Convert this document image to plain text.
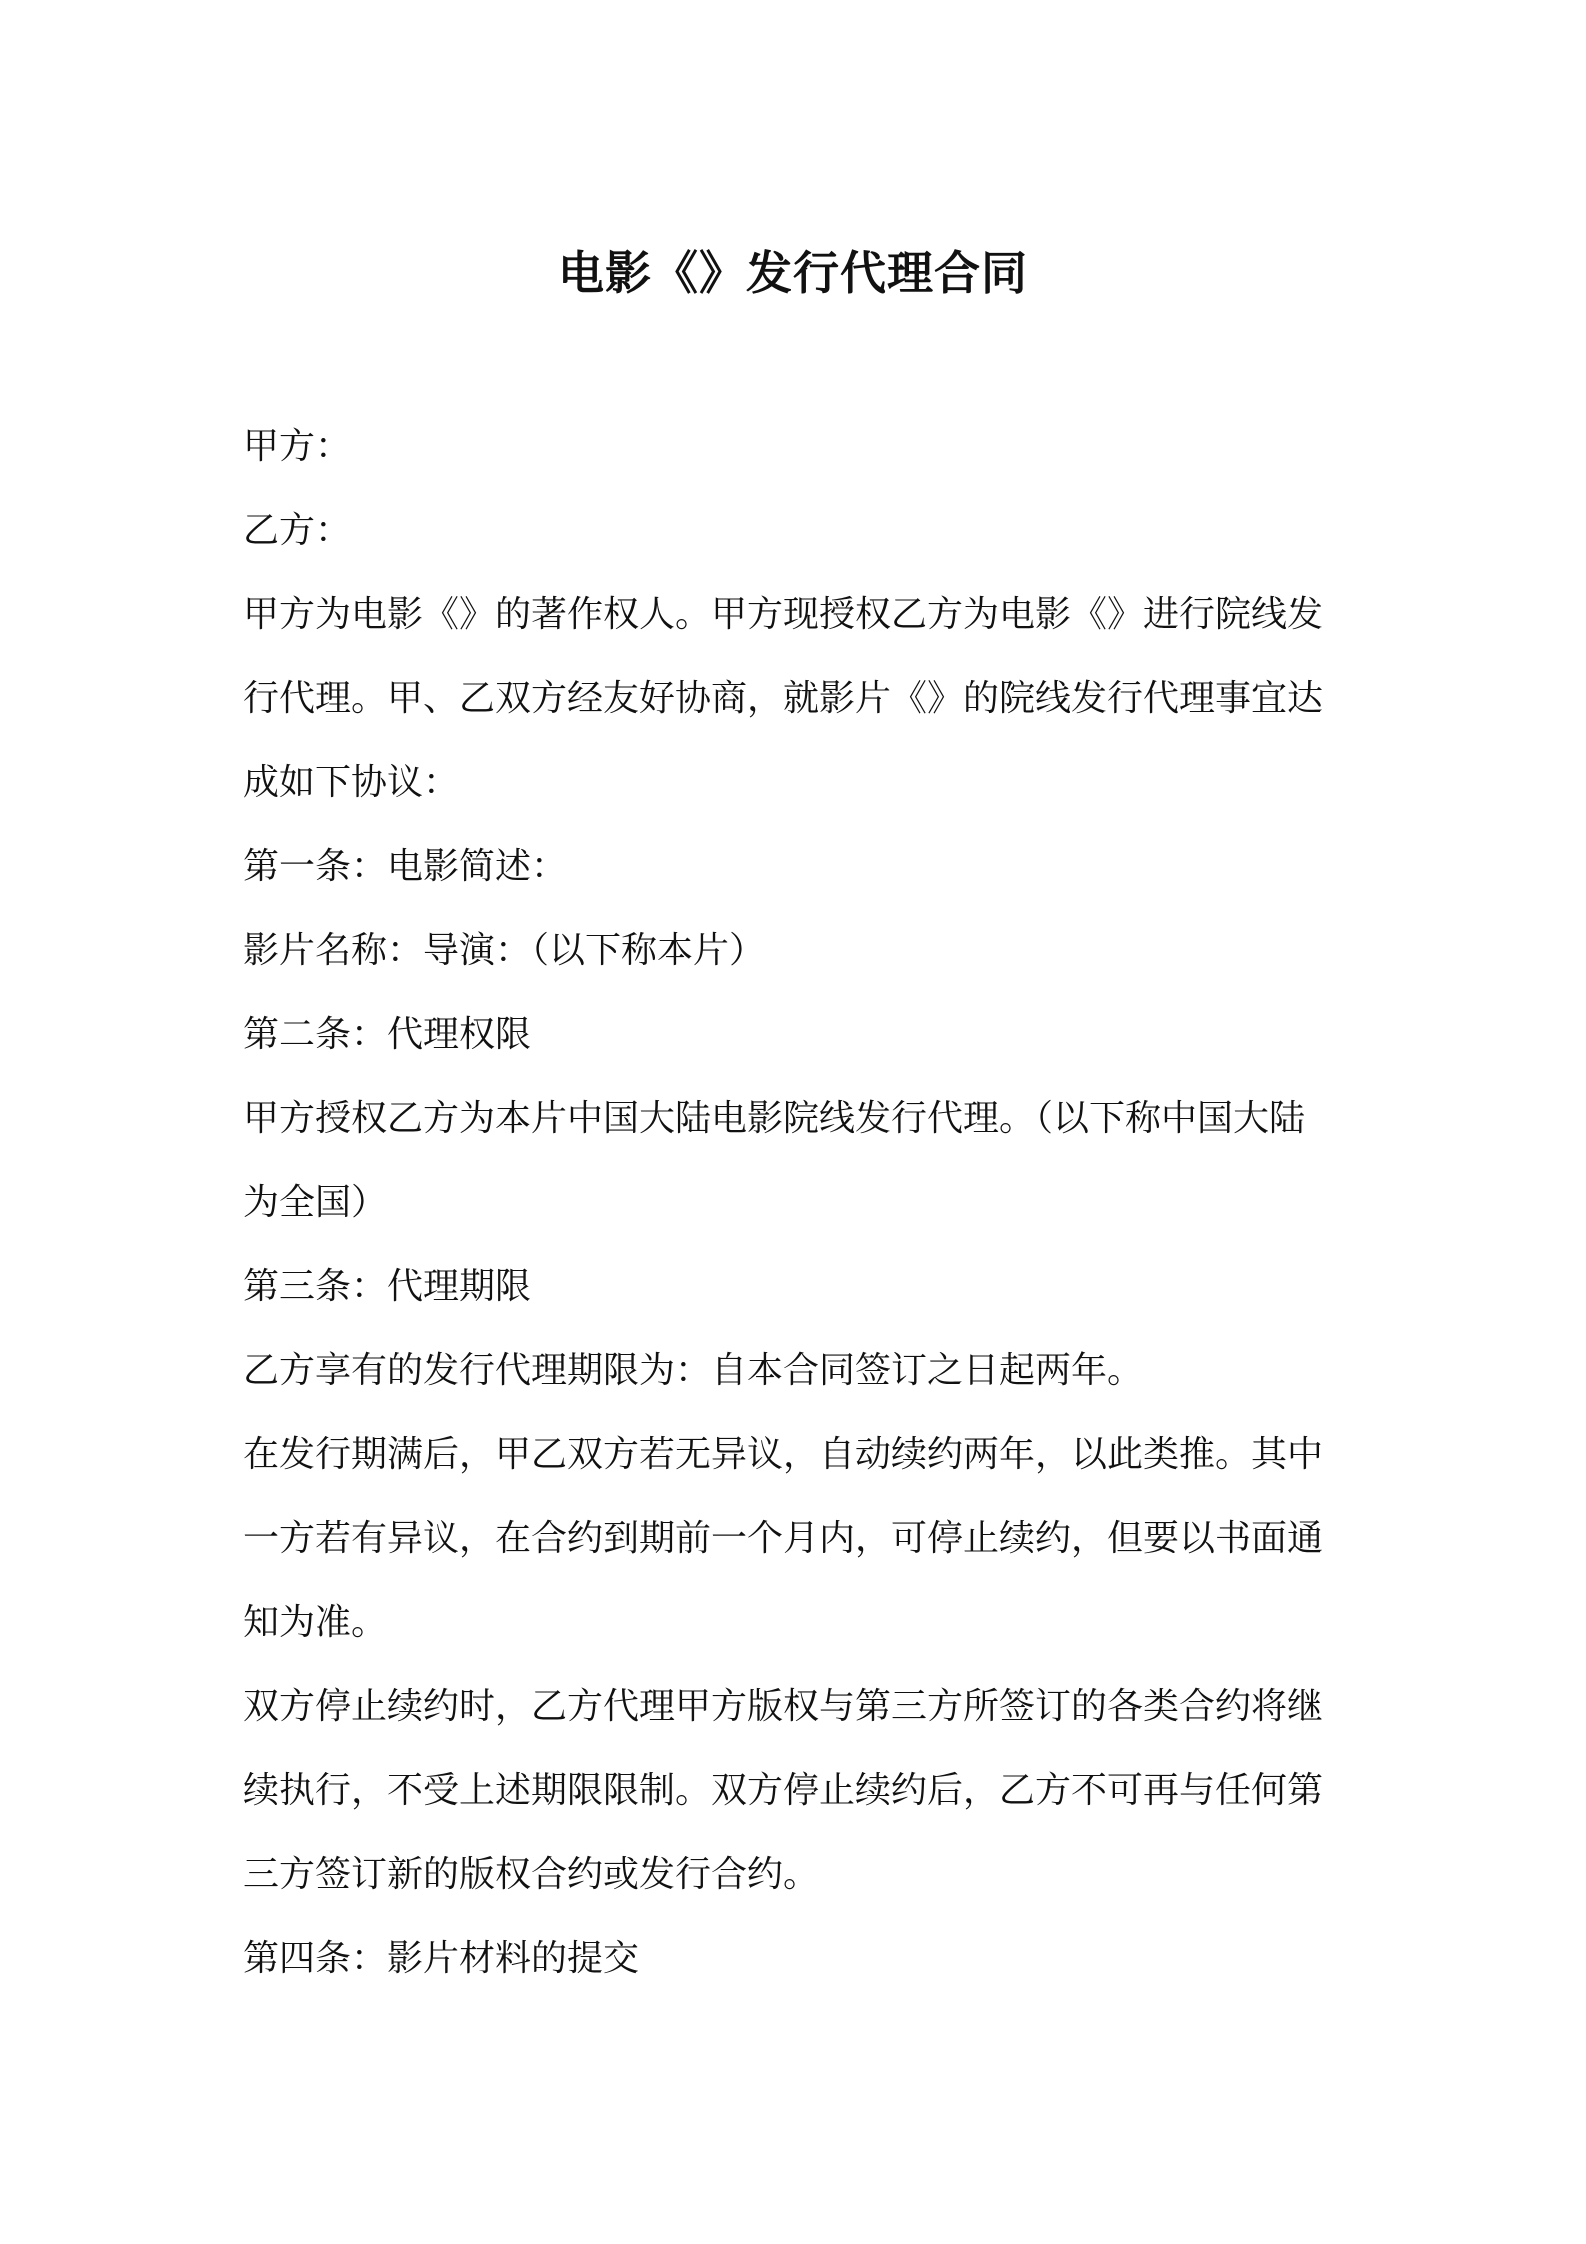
电影《》发行代理合同

甲方：

乙方：

甲方为电影《》的著作权人。甲方现授权乙方为电影《》进行院线发

行代理。甲、乙双方经友好协商，就影片《》的院线发行代理事宜达

成如下协议：

第一条：电影简述：

影片名称：导演：（以下称本片）

第二条：代理权限

甲方授权乙方为本片中国大陆电影院线发行代理。（以下称中国大陆

为全国）

第三条：代理期限

乙方享有的发行代理期限为：自本合同签订之日起两年。

在发行期满后，甲乙双方若无异议，自动续约两年，以此类推。其中

一方若有异议，在合约到期前一个月内，可停止续约，但要以书面通

知为准。

双方停止续约时，乙方代理甲方版权与第三方所签订的各类合约将继

续执行，不受上述期限限制。双方停止续约后，乙方不可再与任何第

三方签订新的版权合约或发行合约。

第四条：影片材料的提交
